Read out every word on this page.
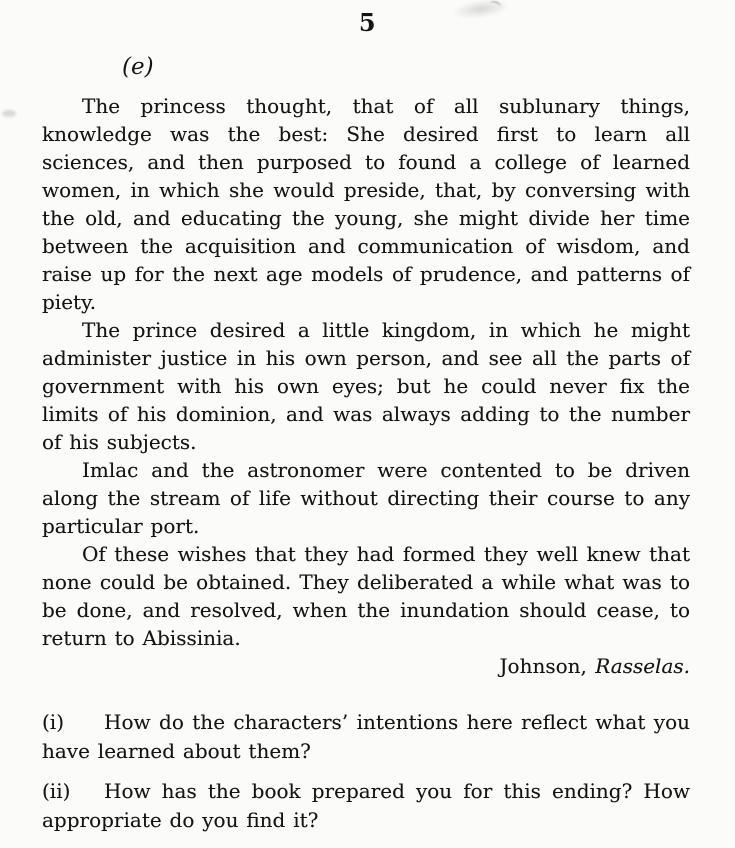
5
(e)

The princess thought, that of all sublunary things, knowledge was the best: She desired first to learn all sciences, and then purposed to found a college of learned women, in which she would preside, that, by conversing with the old, and educating the young, she might divide her time between the acquisition and communication of wisdom, and raise up for the next age models of prudence, and patterns of piety.

The prince desired a little kingdom, in which he might administer justice in his own person, and see all the parts of government with his own eyes; but he could never fix the limits of his dominion, and was always adding to the number of his subjects.

Imlac and the astronomer were contented to be driven along the stream of life without directing their course to any particular port.

Of these wishes that they had formed they well knew that none could be obtained. They deliberated a while what was to be done, and resolved, when the inundation should cease, to return to Abissinia.

Johnson, Rasselas.

(i) How do the characters’ intentions here reflect what you have learned about them?

(ii) How has the book prepared you for this ending? How appropriate do you find it?
